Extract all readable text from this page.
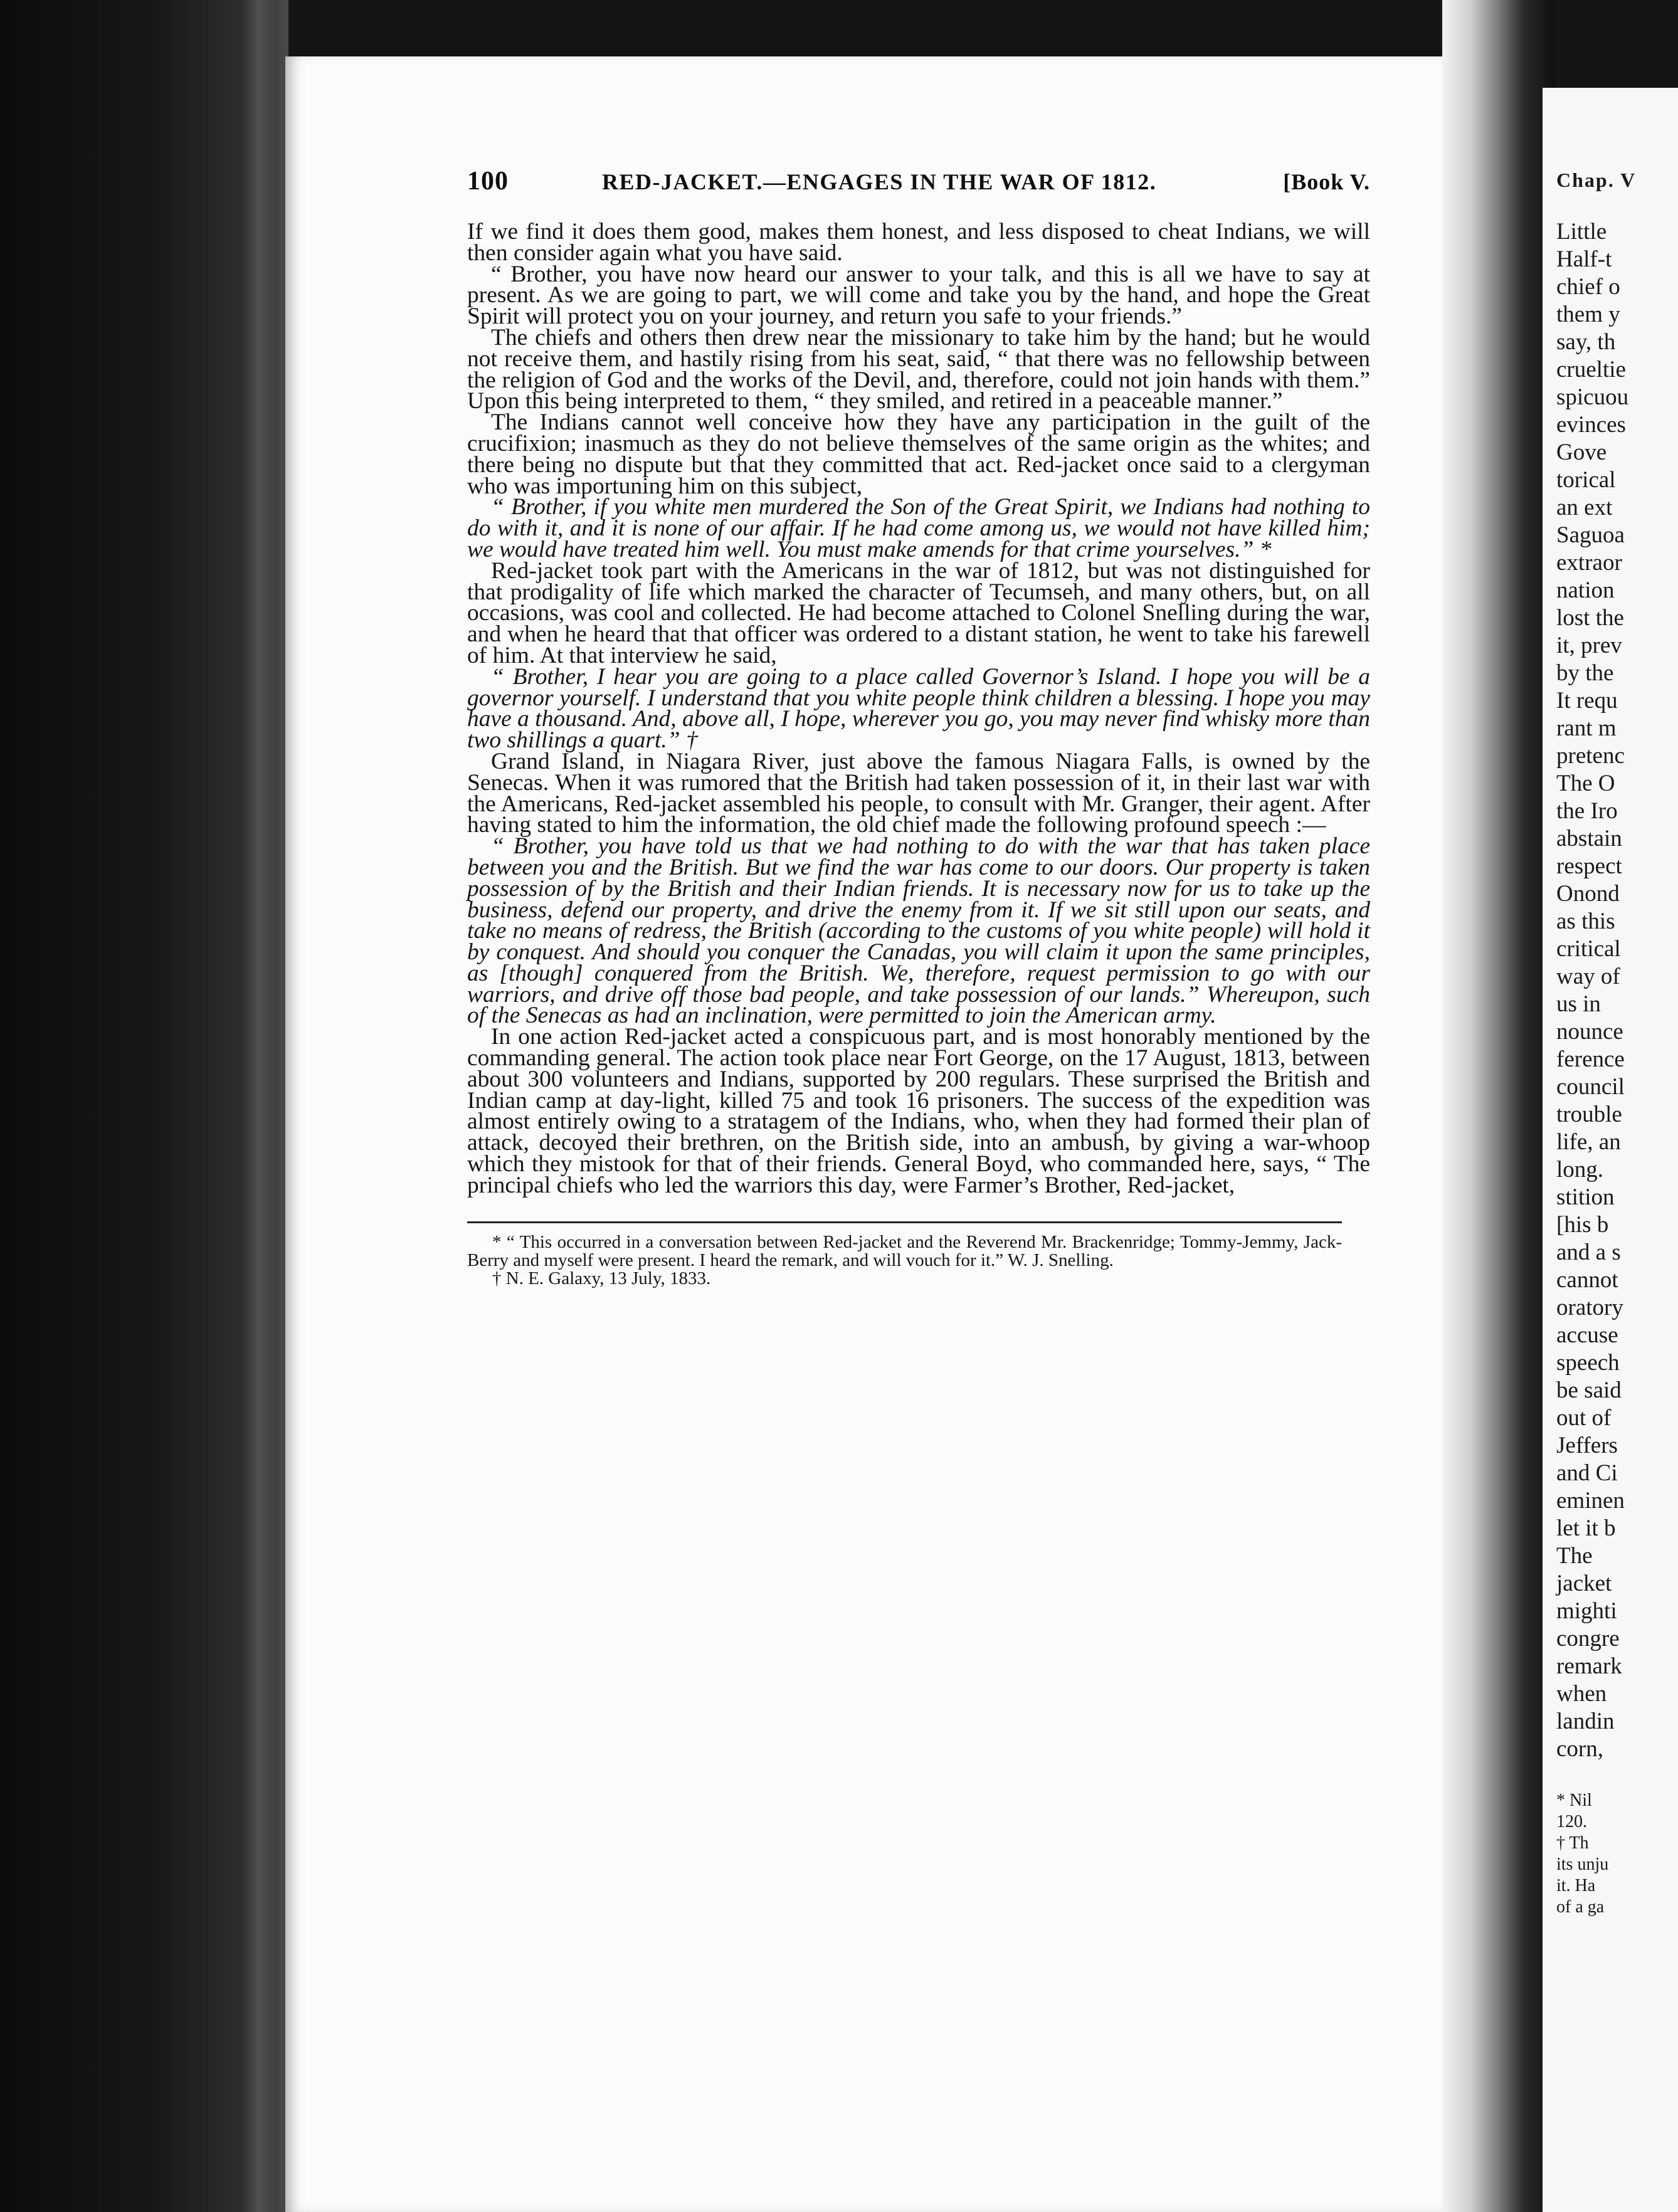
100	RED-JACKET.—ENGAGES IN THE WAR OF 1812.	[Book V.

If we find it does them good, makes them honest, and less disposed to cheat Indians, we will then consider again what you have said.

“ Brother, you have now heard our answer to your talk, and this is all we have to say at present. As we are going to part, we will come and take you by the hand, and hope the Great Spirit will protect you on your journey, and return you safe to your friends.”

The chiefs and others then drew near the missionary to take him by the hand; but he would not receive them, and hastily rising from his seat, said, “ that there was no fellowship between the religion of God and the works of the Devil, and, therefore, could not join hands with them.” Upon this being interpreted to them, “ they smiled, and retired in a peaceable manner.”

The Indians cannot well conceive how they have any participation in the guilt of the crucifixion; inasmuch as they do not believe themselves of the same origin as the whites; and there being no dispute but that they committed that act. Red-jacket once said to a clergyman who was importuning him on this subject,

“ Brother, if you white men murdered the Son of the Great Spirit, we Indians had nothing to do with it, and it is none of our affair. If he had come among us, we would not have killed him; we would have treated him well. You must make amends for that crime yourselves.” *

Red-jacket took part with the Americans in the war of 1812, but was not distinguished for that prodigality of life which marked the character of Tecumseh, and many others, but, on all occasions, was cool and collected. He had become attached to Colonel Snelling during the war, and when he heard that that officer was ordered to a distant station, he went to take his farewell of him. At that interview he said,

“ Brother, I hear you are going to a place called Governor’s Island. I hope you will be a governor yourself. I understand that you white people think children a blessing. I hope you may have a thousand. And, above all, I hope, wherever you go, you may never find whisky more than two shillings a quart.” †

Grand Island, in Niagara River, just above the famous Niagara Falls, is owned by the Senecas. When it was rumored that the British had taken possession of it, in their last war with the Americans, Red-jacket assembled his people, to consult with Mr. Granger, their agent. After having stated to him the information, the old chief made the following profound speech :—

“ Brother, you have told us that we had nothing to do with the war that has taken place between you and the British. But we find the war has come to our doors. Our property is taken possession of by the British and their Indian friends. It is necessary now for us to take up the business, defend our property, and drive the enemy from it. If we sit still upon our seats, and take no means of redress, the British (according to the customs of you white people) will hold it by conquest. And should you conquer the Canadas, you will claim it upon the same principles, as [though] conquered from the British. We, therefore, request permission to go with our warriors, and drive off those bad people, and take possession of our lands.” Whereupon, such of the Senecas as had an inclination, were permitted to join the American army.

In one action Red-jacket acted a conspicuous part, and is most honorably mentioned by the commanding general. The action took place near Fort George, on the 17 August, 1813, between about 300 volunteers and Indians, supported by 200 regulars. These surprised the British and Indian camp at day-light, killed 75 and took 16 prisoners. The success of the expedition was almost entirely owing to a stratagem of the Indians, who, when they had formed their plan of attack, decoyed their brethren, on the British side, into an ambush, by giving a war-whoop which they mistook for that of their friends. General Boyd, who commanded here, says, “ The principal chiefs who led the warriors this day, were Farmer’s Brother, Red-jacket,

* “ This occurred in a conversation between Red-jacket and the Reverend Mr. Brackenridge; Tommy-Jemmy, Jack-Berry and myself were present. I heard the remark, and will vouch for it.” W. J. Snelling.

† N. E. Galaxy, 13 July, 1833.

Chap. V
Little
Half-t
chief o
them y
say, th
crueltie
spicuou
evinces
Gove
torical
an ext
Saguoa
extraor
nation
lost the
it, prev
by the
It requ
rant m
pretenc
The O
the Iro
abstain
respect
Onond
as this
critical
way of
us in
nounce
ference
council
trouble
life, an
long.
stition
[his b
and a s
cannot
oratory
accuse
speech
be said
out of
Jeffers
and Ci
eminen
let it b
The
jacket
mighti
congre
remark
when
landin
corn,
* Nil
120.
† Th
its unju
it. Ha
of a ga
